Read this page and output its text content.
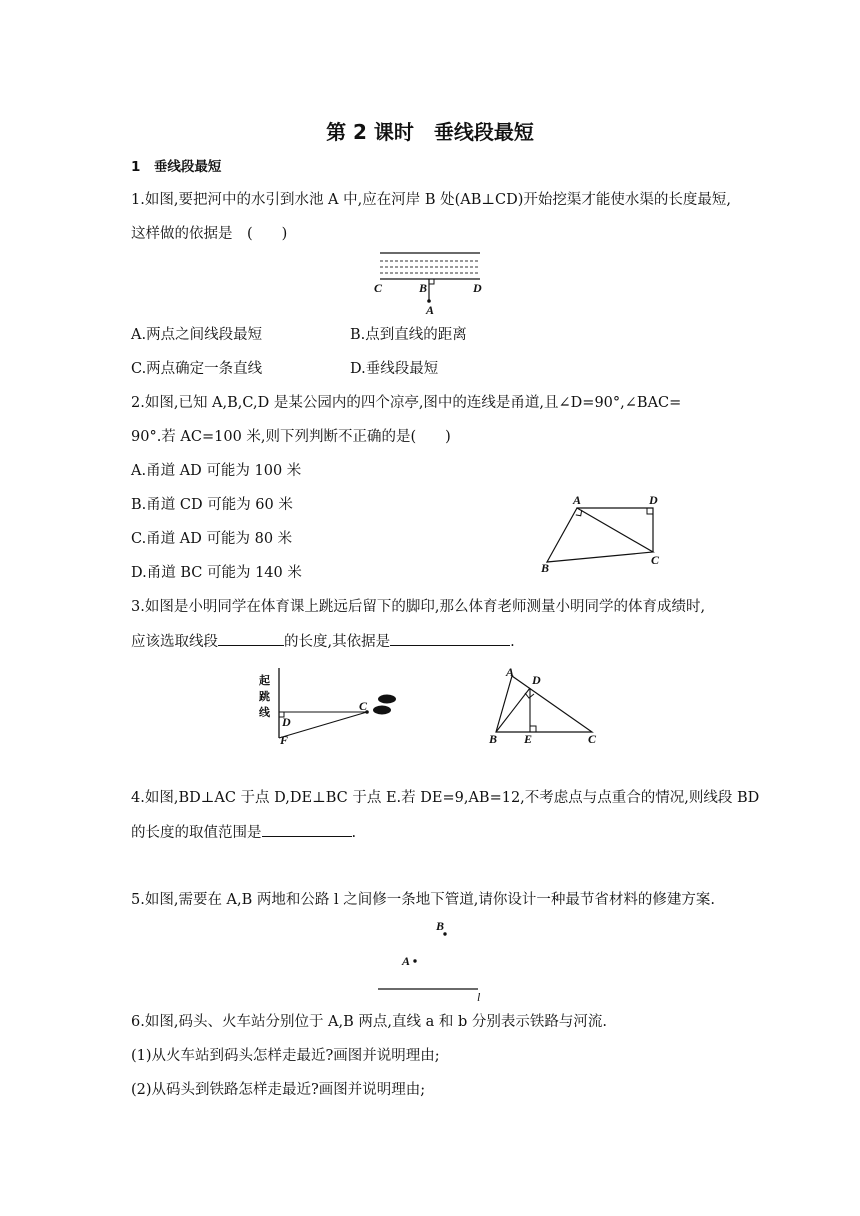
第 2 课时　垂线段最短
1　垂线段最短
1.如图,要把河中的水引到水池 A 中,应在河岸 B 处(AB⊥CD)开始挖渠才能使水渠的长度最短,
这样做的依据是　(　　)
C	B	D
A
A.两点之间线段最短	B.点到直线的距离
C.两点确定一条直线	D.垂线段最短
2.如图,已知 A,B,C,D 是某公园内的四个凉亭,图中的连线是甬道,且∠D=90°,∠BAC=
90°.若 AC=100 米,则下列判断不正确的是(　　)
A.甬道 AD 可能为 100 米
B.甬道 CD 可能为 60 米
C.甬道 AD 可能为 80 米
D.甬道 BC 可能为 140 米
A	D
B
C
3.如图是小明同学在体育课上跳远后留下的脚印,那么体育老师测量小明同学的体育成绩时,
应该选取线段	的长度,其依据是	.
起
跳
线
D
F
C
A
D
B E	C
4.如图,BD⊥AC 于点 D,DE⊥BC 于点 E.若 DE=9,AB=12,不考虑点与点重合的情况,则线段 BD
的长度的取值范围是	.
5.如图,需要在 A,B 两地和公路 l 之间修一条地下管道,请你设计一种最节省材料的修建方案.
B
A
l
6.如图,码头、火车站分别位于 A,B 两点,直线 a 和 b 分别表示铁路与河流.
(1)从火车站到码头怎样走最近?画图并说明理由;
(2)从码头到铁路怎样走最近?画图并说明理由;
